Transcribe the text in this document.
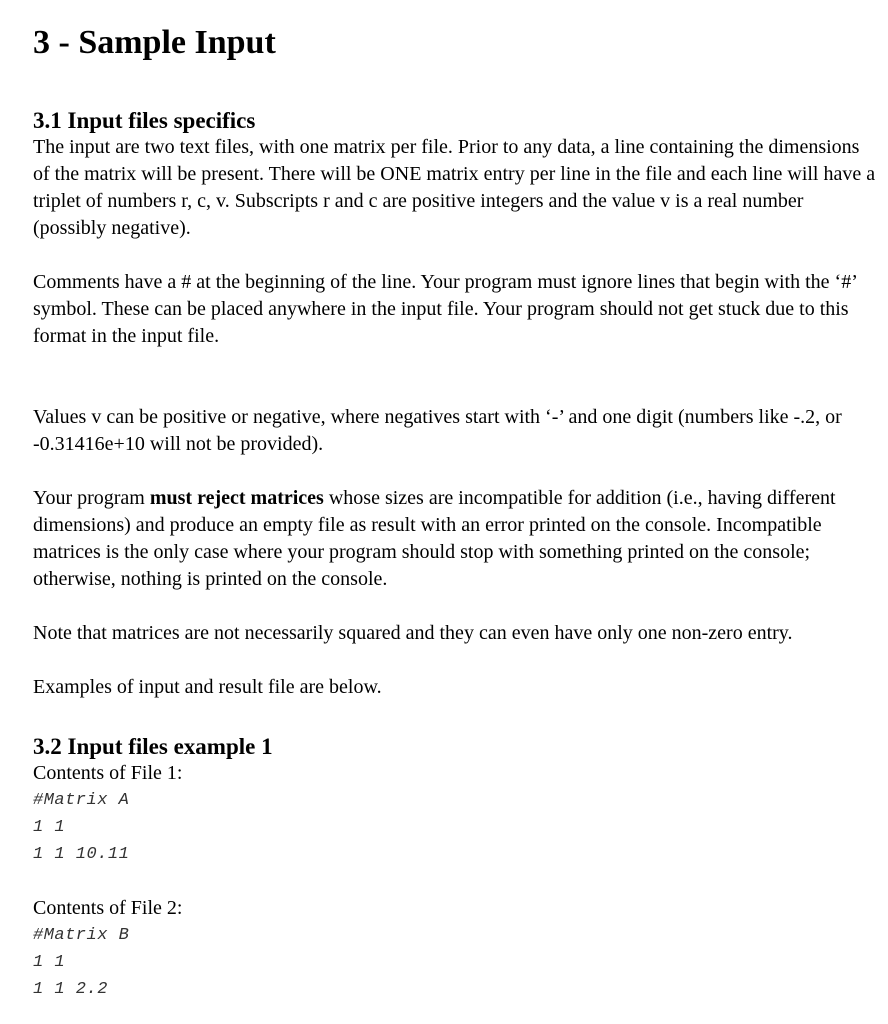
3 - Sample Input
3.1 Input files specifics

The input are two text files, with one matrix per file. Prior to any data, a line containing the dimensions of the matrix will be present. There will be ONE matrix entry per line in the file and each line will have a triplet of numbers r, c, v. Subscripts r and c are positive integers and the value v is a real number (possibly negative).

Comments have a # at the beginning of the line. Your program must ignore lines that begin with the ‘#’ symbol. These can be placed anywhere in the input file. Your program should not get stuck due to this format in the input file.

Values v can be positive or negative, where negatives start with ‘-’ and one digit (numbers like -.2, or -0.31416e+10 will not be provided).

Your program must reject matrices whose sizes are incompatible for addition (i.e., having different dimensions) and produce an empty file as result with an error printed on the console. Incompatible matrices is the only case where your program should stop with something printed on the console; otherwise, nothing is printed on the console.

Note that matrices are not necessarily squared and they can even have only one non-zero entry.

Examples of input and result file are below.

3.2 Input files example 1

Contents of File 1:

#Matrix A
1 1
1 1 10.11

Contents of File 2:

#Matrix B
1 1
1 1 2.2
